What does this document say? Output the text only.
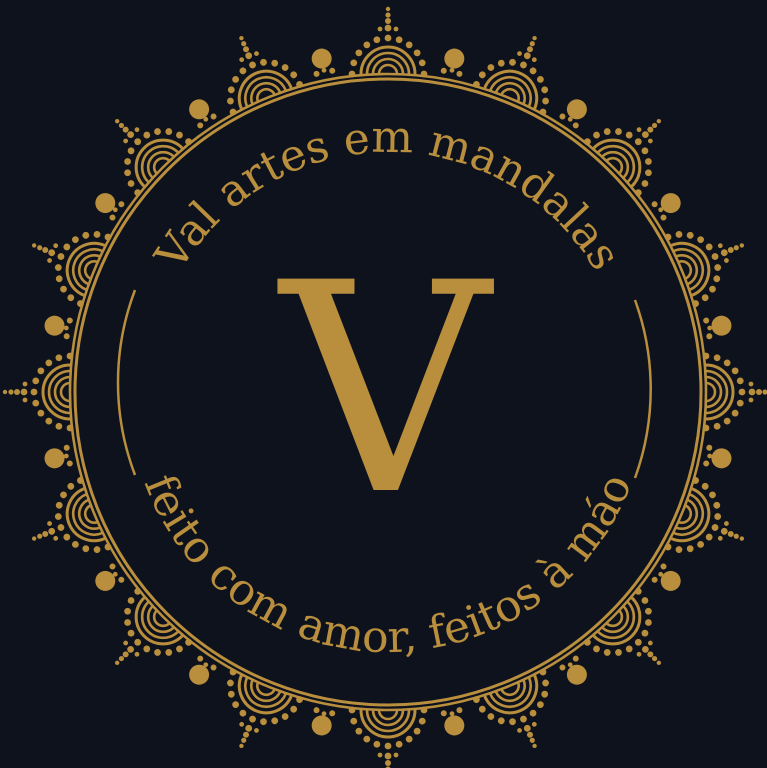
Val artes em mandalas
feito com amor, feitos à máo
V
